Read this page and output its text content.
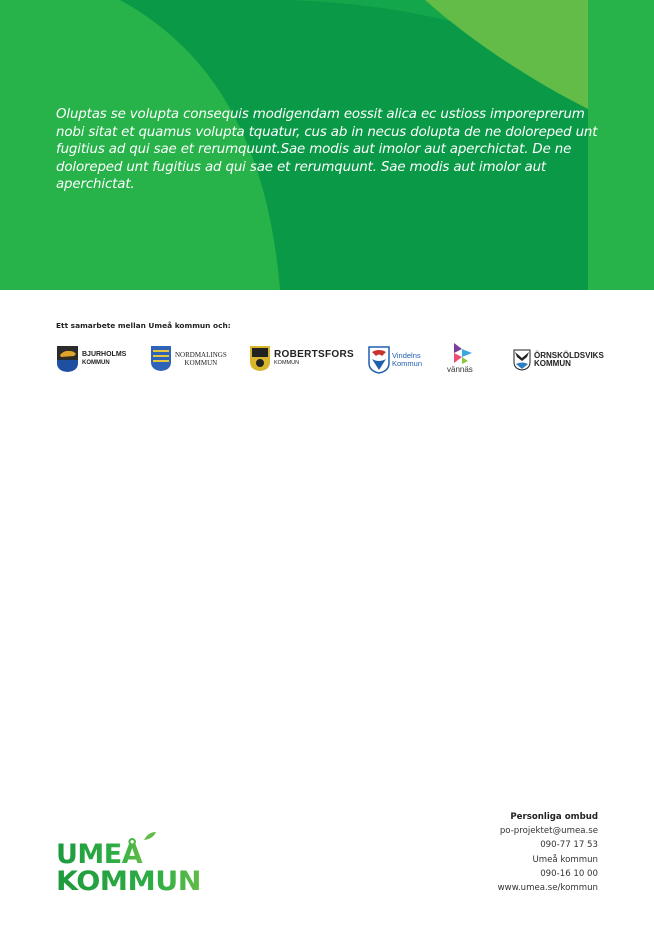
Oluptas se volupta consequis modigendam eossit alica ec ustioss imporeprerum nobi sitat et quamus volupta tquatur, cus ab in necus dolupta de ne doloreped unt fugitius ad qui sae et rerumquunt.Sae modis aut imolor aut aperchictat. De ne doloreped unt fugitius ad qui sae et rerumquunt. Sae modis aut imolor aut aperchictat.
Ett samarbete mellan Umeå kommun och:
BJURHOLMS
KOMMUN
NORDMALINGS
KOMMUN
ROBERTSFORS
KOMMUN
Vindelns
Kommun
vännäs
ÖRNSKÖLDSVIKS
KOMMUN
Personliga ombud
po-projektet@umea.se
090-77 17 53
Umeå kommun
090-16 10 00
www.umea.se/kommun
UMEÅ
KOMMUN
